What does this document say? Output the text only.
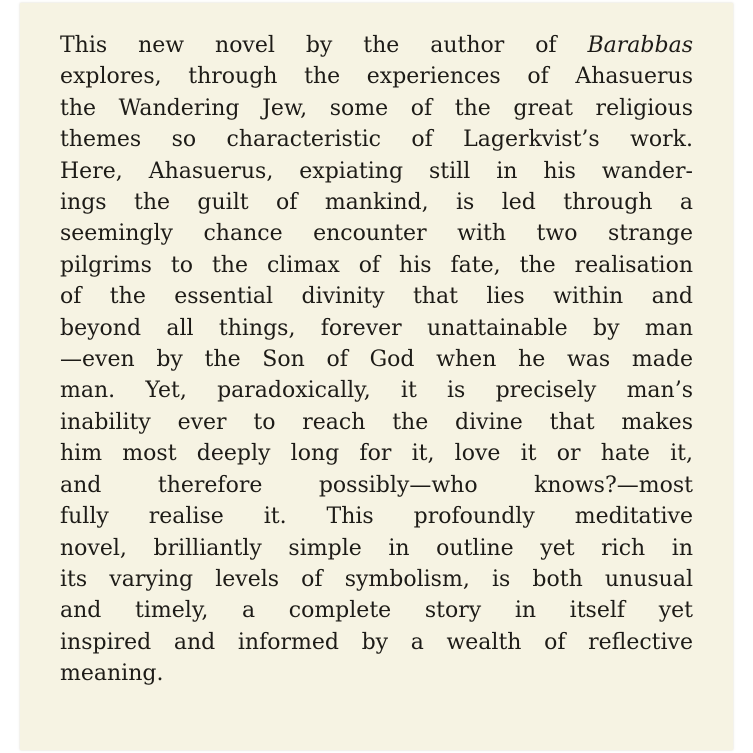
This new novel by the author of Barabbas
explores, through the experiences of Ahasuerus
the Wandering Jew, some of the great religious
themes so characteristic of Lagerkvist’s work.
Here, Ahasuerus, expiating still in his wander-
ings the guilt of mankind, is led through a
seemingly chance encounter with two strange
pilgrims to the climax of his fate, the realisation
of the essential divinity that lies within and
beyond all things, forever unattainable by man
—even by the Son of God when he was made
man. Yet, paradoxically, it is precisely man’s
inability ever to reach the divine that makes
him most deeply long for it, love it or hate it,
and therefore possibly—who knows?—most
fully realise it. This profoundly meditative
novel, brilliantly simple in outline yet rich in
its varying levels of symbolism, is both unusual
and timely, a complete story in itself yet
inspired and informed by a wealth of reflective
meaning.
